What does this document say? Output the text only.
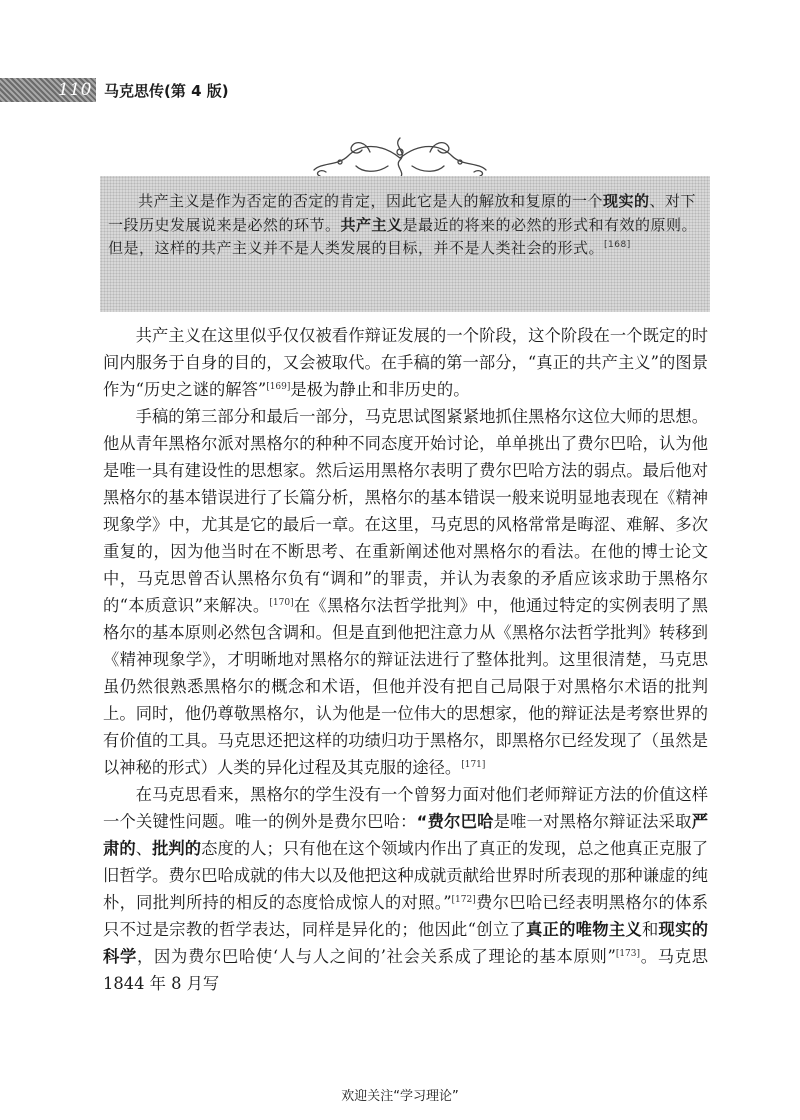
110 马克思传(第 4 版)

共产主义是作为否定的否定的肯定，因此它是人的解放和复原的一个现实的、对下一段历史发展说来是必然的环节。共产主义是最近的将来的必然的形式和有效的原则。但是，这样的共产主义并不是人类发展的目标，并不是人类社会的形式。[168]

共产主义在这里似乎仅仅被看作辩证发展的一个阶段，这个阶段在一个既定的时间内服务于自身的目的，又会被取代。在手稿的第一部分，“真正的共产主义”的图景作为“历史之谜的解答”[169]是极为静止和非历史的。

手稿的第三部分和最后一部分，马克思试图紧紧地抓住黑格尔这位大师的思想。他从青年黑格尔派对黑格尔的种种不同态度开始讨论，单单挑出了费尔巴哈，认为他是唯一具有建设性的思想家。然后运用黑格尔表明了费尔巴哈方法的弱点。最后他对黑格尔的基本错误进行了长篇分析，黑格尔的基本错误一般来说明显地表现在《精神现象学》中，尤其是它的最后一章。在这里，马克思的风格常常是晦涩、难解、多次重复的，因为他当时在不断思考、在重新阐述他对黑格尔的看法。在他的博士论文中，马克思曾否认黑格尔负有“调和”的罪责，并认为表象的矛盾应该求助于黑格尔的“本质意识”来解决。[170]在《黑格尔法哲学批判》中，他通过特定的实例表明了黑格尔的基本原则必然包含调和。但是直到他把注意力从《黑格尔法哲学批判》转移到《精神现象学》，才明晰地对黑格尔的辩证法进行了整体批判。这里很清楚，马克思虽仍然很熟悉黑格尔的概念和术语，但他并没有把自己局限于对黑格尔术语的批判上。同时，他仍尊敬黑格尔，认为他是一位伟大的思想家，他的辩证法是考察世界的有价值的工具。马克思还把这样的功绩归功于黑格尔，即黑格尔已经发现了（虽然是以神秘的形式）人类的异化过程及其克服的途径。[171]

在马克思看来，黑格尔的学生没有一个曾努力面对他们老师辩证方法的价值这样一个关键性问题。唯一的例外是费尔巴哈：“费尔巴哈是唯一对黑格尔辩证法采取严肃的、批判的态度的人；只有他在这个领域内作出了真正的发现，总之他真正克服了旧哲学。费尔巴哈成就的伟大以及他把这种成就贡献给世界时所表现的那种谦虚的纯朴，同批判所持的相反的态度恰成惊人的对照。”[172]费尔巴哈已经表明黑格尔的体系只不过是宗教的哲学表达，同样是异化的；他因此“创立了真正的唯物主义和现实的科学，因为费尔巴哈使‘人与人之间的’社会关系成了理论的基本原则”[173]。马克思 1844 年 8 月写

欢迎关注“学习理论”
